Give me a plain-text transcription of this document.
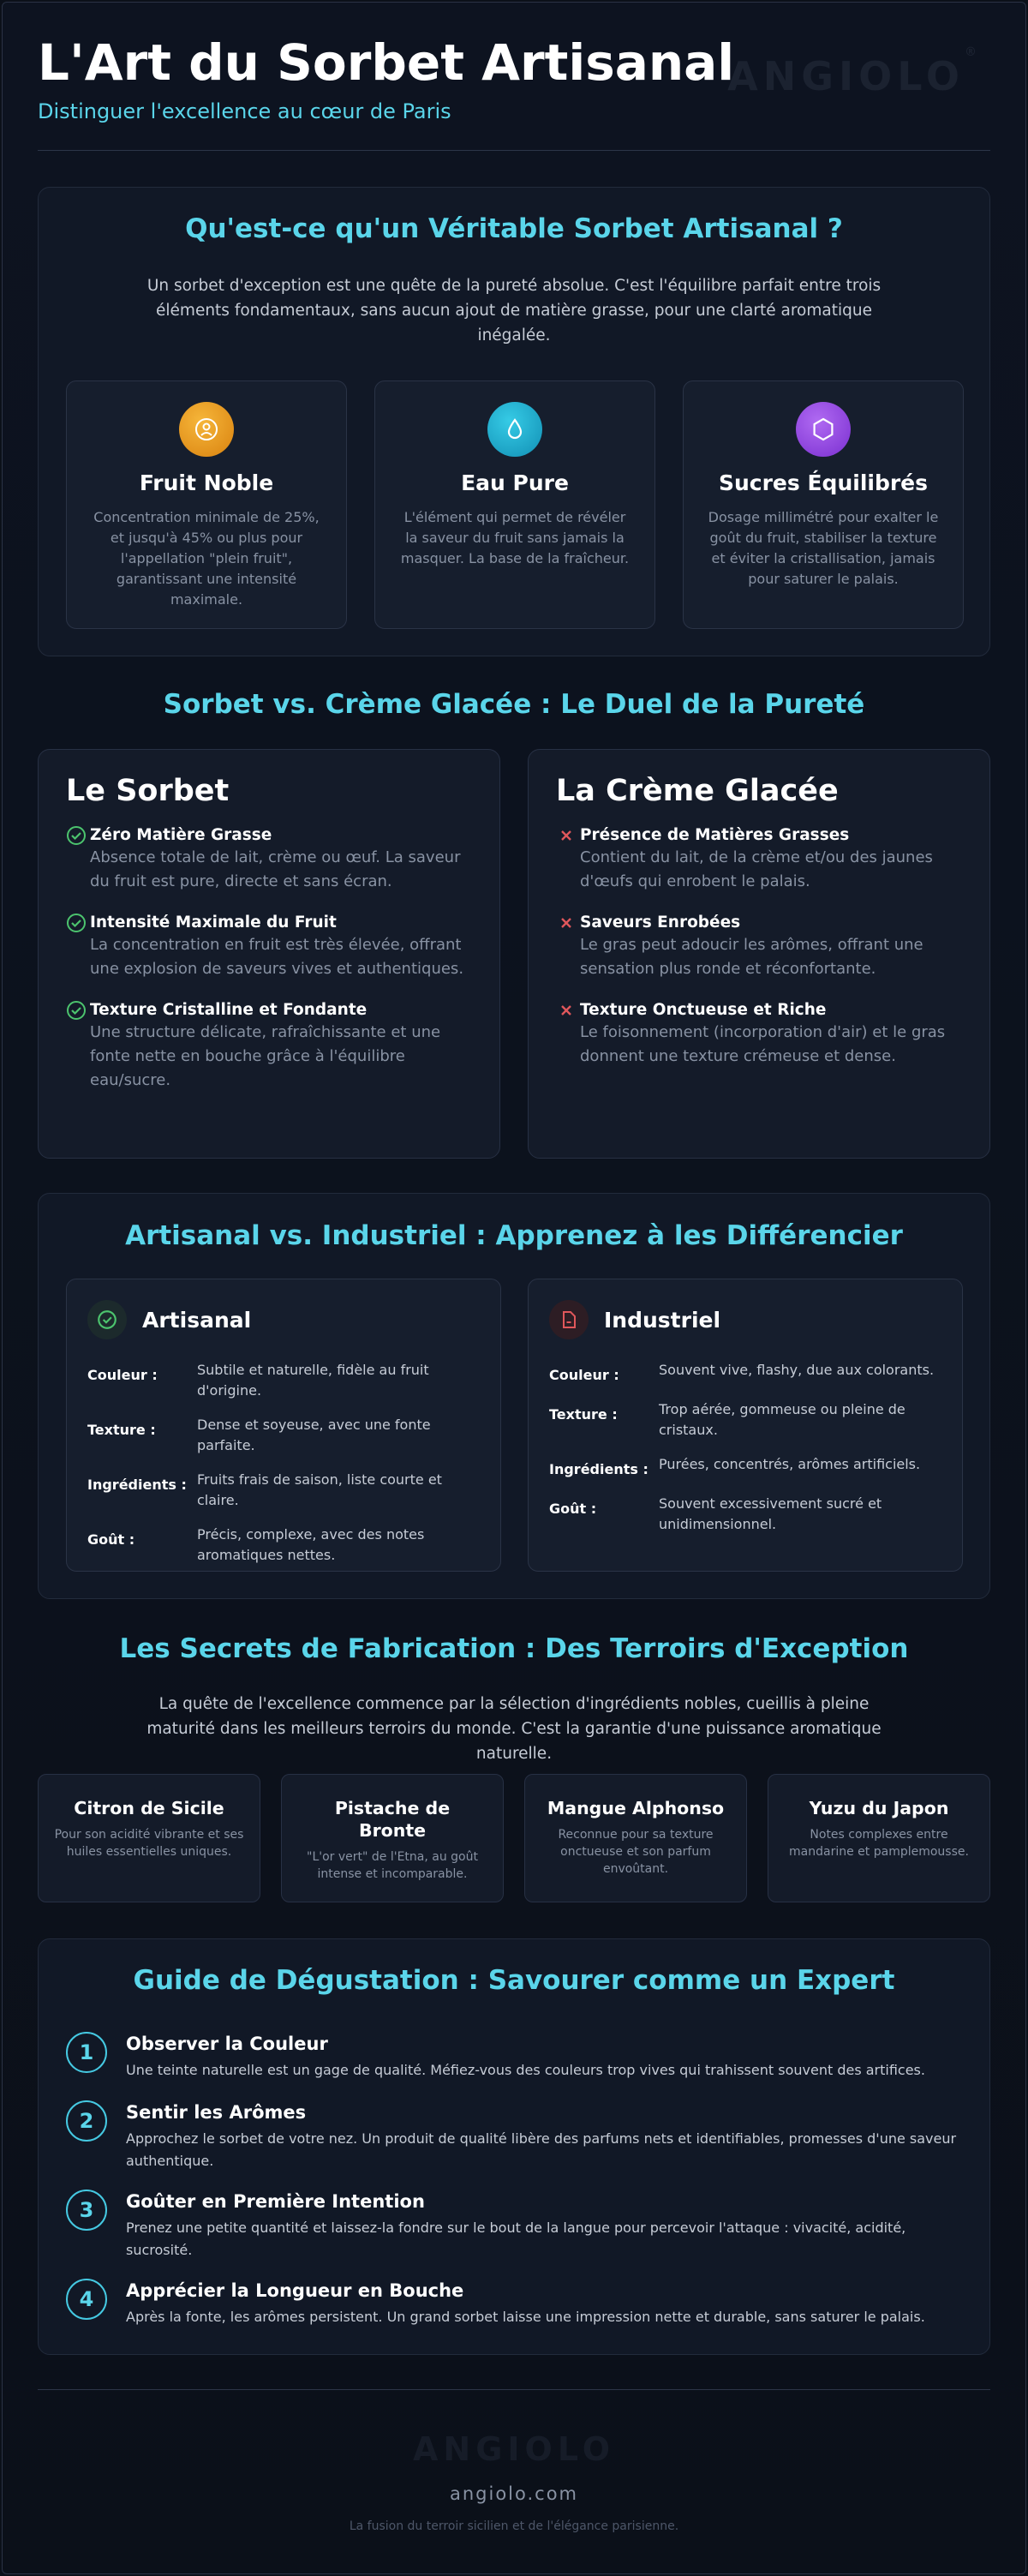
L'Art du Sorbet Artisanal
Distinguer l'excellence au cœur de Paris
ANGIOLO®
Qu'est-ce qu'un Véritable Sorbet Artisanal ?
Un sorbet d'exception est une quête de la pureté absolue. C'est l'équilibre parfait entre trois éléments fondamentaux, sans aucun ajout de matière grasse, pour une clarté aromatique inégalée.
Fruit Noble
Concentration minimale de 25%, et jusqu'à 45% ou plus pour l'appellation "plein fruit", garantissant une intensité maximale.
Eau Pure
L'élément qui permet de révéler la saveur du fruit sans jamais la masquer. La base de la fraîcheur.
Sucres Équilibrés
Dosage millimétré pour exalter le goût du fruit, stabiliser la texture et éviter la cristallisation, jamais pour saturer le palais.
Sorbet vs. Crème Glacée : Le Duel de la Pureté
Le Sorbet
Zéro Matière Grasse
Absence totale de lait, crème ou œuf. La saveur du fruit est pure, directe et sans écran.
Intensité Maximale du Fruit
La concentration en fruit est très élevée, offrant une explosion de saveurs vives et authentiques.
Texture Cristalline et Fondante
Une structure délicate, rafraîchissante et une fonte nette en bouche grâce à l'équilibre eau/sucre.
La Crème Glacée
Présence de Matières Grasses
Contient du lait, de la crème et/ou des jaunes d'œufs qui enrobent le palais.
Saveurs Enrobées
Le gras peut adoucir les arômes, offrant une sensation plus ronde et réconfortante.
Texture Onctueuse et Riche
Le foisonnement (incorporation d'air) et le gras donnent une texture crémeuse et dense.
Artisanal vs. Industriel : Apprenez à les Différencier
Artisanal
Couleur :	Subtile et naturelle, fidèle au fruit d'origine.
Texture :	Dense et soyeuse, avec une fonte parfaite.
Ingrédients : Fruits frais de saison, liste courte et claire.
Goût :	Précis, complexe, avec des notes aromatiques nettes.
Industriel
Couleur :	Souvent vive, flashy, due aux colorants.
Texture :	Trop aérée, gommeuse ou pleine de cristaux.
Ingrédients : Purées, concentrés, arômes artificiels.
Goût :	Souvent excessivement sucré et unidimensionnel.
Les Secrets de Fabrication : Des Terroirs d'Exception
La quête de l'excellence commence par la sélection d'ingrédients nobles, cueillis à pleine maturité dans les meilleurs terroirs du monde. C'est la garantie d'une puissance aromatique naturelle.
Citron de Sicile
Pour son acidité vibrante et ses huiles essentielles uniques.
Pistache de Bronte
"L'or vert" de l'Etna, au goût intense et incomparable.
Mangue Alphonso
Reconnue pour sa texture onctueuse et son parfum envoûtant.
Yuzu du Japon
Notes complexes entre mandarine et pamplemousse.
Guide de Dégustation : Savourer comme un Expert
1	Observer la Couleur
Une teinte naturelle est un gage de qualité. Méfiez-vous des couleurs trop vives qui trahissent souvent des artifices.
2	Sentir les Arômes
Approchez le sorbet de votre nez. Un produit de qualité libère des parfums nets et identifiables, promesses d'une saveur authentique.
3	Goûter en Première Intention
Prenez une petite quantité et laissez-la fondre sur le bout de la langue pour percevoir l'attaque : vivacité, acidité, sucrosité.
4	Apprécier la Longueur en Bouche
Après la fonte, les arômes persistent. Un grand sorbet laisse une impression nette et durable, sans saturer le palais.
ANGIOLO
angiolo.com
La fusion du terroir sicilien et de l'élégance parisienne.
